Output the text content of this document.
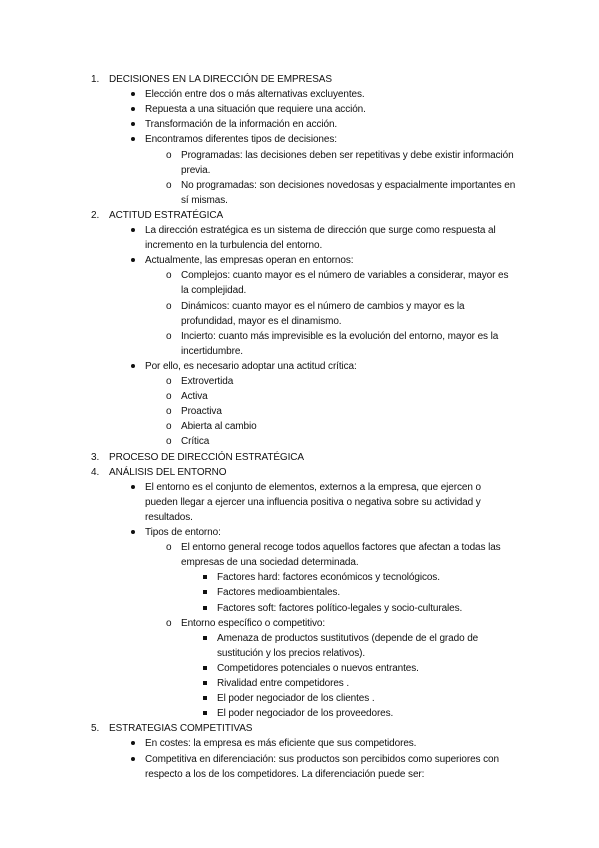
1. DECISIONES EN LA DIRECCIÓN DE EMPRESAS
Elección entre dos o más alternativas excluyentes.
Repuesta a una situación que requiere una acción.
Transformación de la información en acción.
Encontramos diferentes tipos de decisiones:
o Programadas: las decisiones deben ser repetitivas y debe existir información
previa.
o No programadas: son decisiones novedosas y espacialmente importantes en
sí mismas.
2. ACTITUD ESTRATÉGICA
La dirección estratégica es un sistema de dirección que surge como respuesta al
incremento en la turbulencia del entorno.
Actualmente, las empresas operan en entornos:
o Complejos: cuanto mayor es el número de variables a considerar, mayor es
la complejidad.
o Dinámicos: cuanto mayor es el número de cambios y mayor es la
profundidad, mayor es el dinamismo.
o Incierto: cuanto más imprevisible es la evolución del entorno, mayor es la
incertidumbre.
Por ello, es necesario adoptar una actitud crítica:
o Extrovertida
o Activa
o Proactiva
o Abierta al cambio
o Crítica
3. PROCESO DE DIRECCIÓN ESTRATÉGICA
4. ANÁLISIS DEL ENTORNO
El entorno es el conjunto de elementos, externos a la empresa, que ejercen o
pueden llegar a ejercer una influencia positiva o negativa sobre su actividad y
resultados.
Tipos de entorno:
o El entorno general recoge todos aquellos factores que afectan a todas las
empresas de una sociedad determinada.
Factores hard: factores económicos y tecnológicos.
Factores medioambientales.
Factores soft: factores político-legales y socio-culturales.
o Entorno específico o competitivo:
Amenaza de productos sustitutivos (depende de el grado de
sustitución y los precios relativos).
Competidores potenciales o nuevos entrantes.
Rivalidad entre competidores .
El poder negociador de los clientes .
El poder negociador de los proveedores.
5. ESTRATEGIAS COMPETITIVAS
En costes: la empresa es más eficiente que sus competidores.
Competitiva en diferenciación: sus productos son percibidos como superiores con
respecto a los de los competidores. La diferenciación puede ser:
